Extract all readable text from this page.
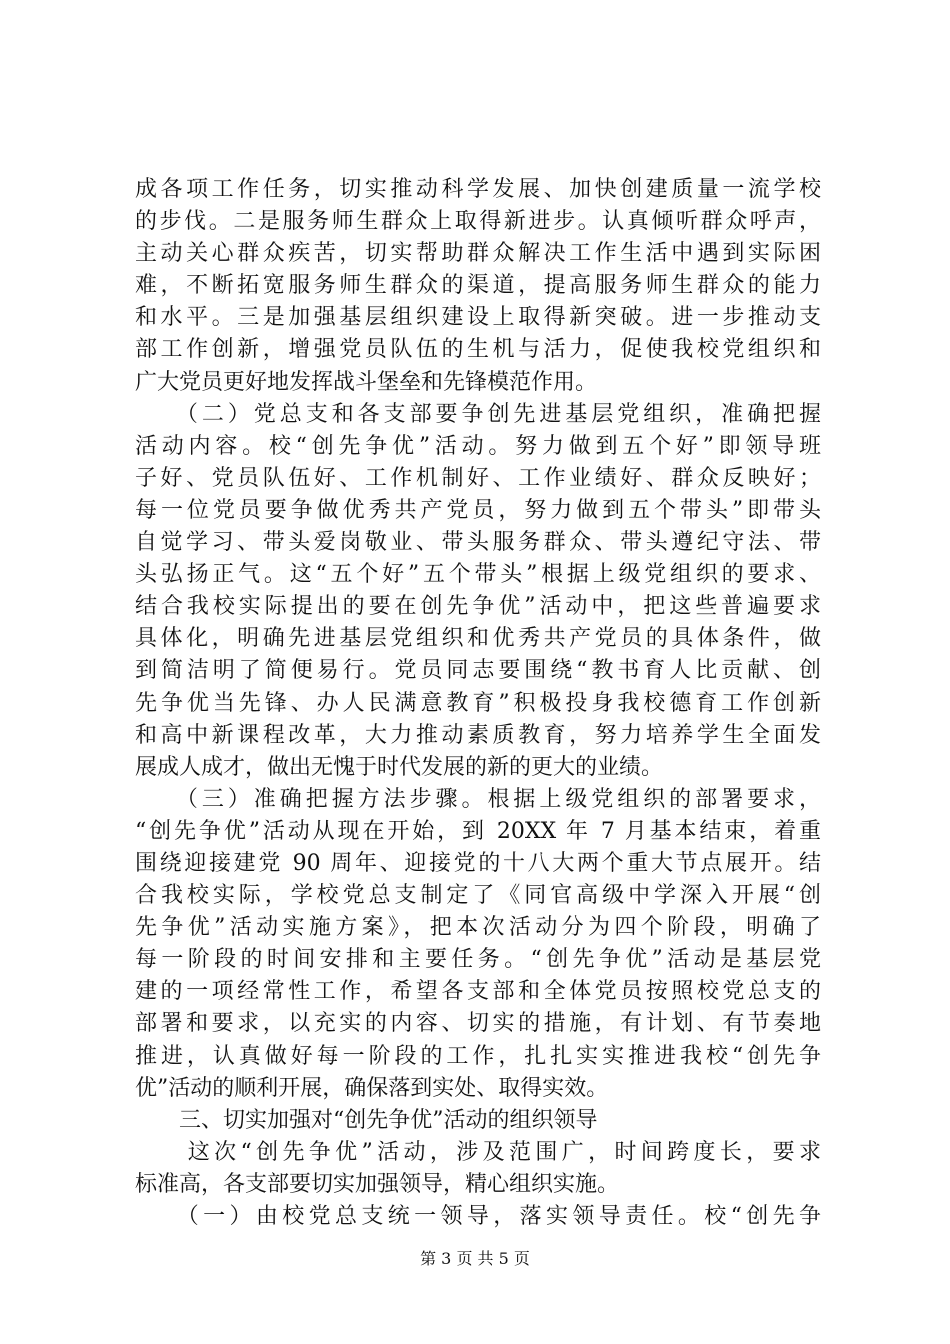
成各项工作任务，切实推动科学发展、加快创建质量一流学校
的步伐。二是服务师生群众上取得新进步。认真倾听群众呼声，
主动关心群众疾苦，切实帮助群众解决工作生活中遇到实际困
难，不断拓宽服务师生群众的渠道，提高服务师生群众的能力
和水平。三是加强基层组织建设上取得新突破。进一步推动支
部工作创新，增强党员队伍的生机与活力，促使我校党组织和
广大党员更好地发挥战斗堡垒和先锋模范作用。
　　（二）党总支和各支部要争创先进基层党组织，准确把握
活动内容。校“创先争优”活动。努力做到五个好”即领导班
子好、党员队伍好、工作机制好、工作业绩好、群众反映好；
每一位党员要争做优秀共产党员，努力做到五个带头”即带头
自觉学习、带头爱岗敬业、带头服务群众、带头遵纪守法、带
头弘扬正气。这“五个好”五个带头”根据上级党组织的要求、
结合我校实际提出的要在创先争优”活动中，把这些普遍要求
具体化，明确先进基层党组织和优秀共产党员的具体条件，做
到简洁明了简便易行。党员同志要围绕“教书育人比贡献、创
先争优当先锋、办人民满意教育”积极投身我校德育工作创新
和高中新课程改革，大力推动素质教育，努力培养学生全面发
展成人成才，做出无愧于时代发展的新的更大的业绩。
　　（三）准确把握方法步骤。根据上级党组织的部署要求，
“创先争优”活动从现在开始，到 20XX 年 7 月基本结束，着重
围绕迎接建党 90 周年、迎接党的十八大两个重大节点展开。结
合我校实际，学校党总支制定了《同官高级中学深入开展“创
先争优”活动实施方案》，把本次活动分为四个阶段，明确了
每一阶段的时间安排和主要任务。“创先争优”活动是基层党
建的一项经常性工作，希望各支部和全体党员按照校党总支的
部署和要求，以充实的内容、切实的措施，有计划、有节奏地
推进，认真做好每一阶段的工作，扎扎实实推进我校“创先争
优”活动的顺利开展，确保落到实处、取得实效。
　　三、切实加强对“创先争优”活动的组织领导
　　这次“创先争优”活动，涉及范围广，时间跨度长，要求
标准高，各支部要切实加强领导，精心组织实施。
　　（一）由校党总支统一领导，落实领导责任。校“创先争
第 3 页 共 5 页
